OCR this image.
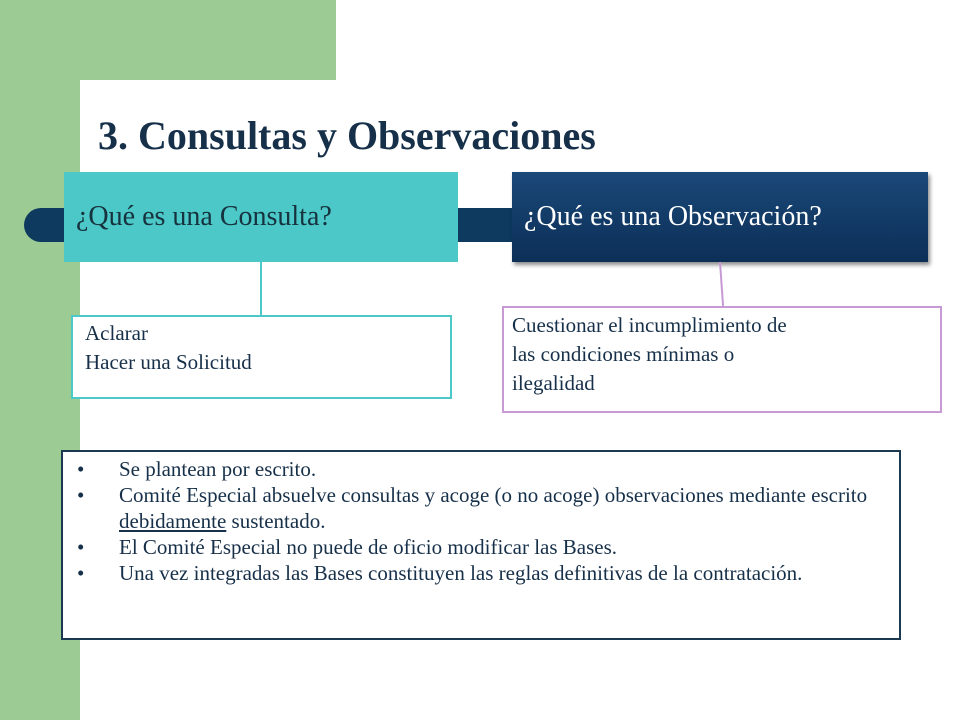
3. Consultas y Observaciones
¿Qué es una Consulta?	¿Qué es una Observación?
Aclarar
Hacer una Solicitud
Cuestionar el incumplimiento de
las condiciones mínimas o
ilegalidad
• Se plantean por escrito.
• Comité Especial absuelve consultas y acoge (o no acoge) observaciones mediante escrito debidamente sustentado.
• El Comité Especial no puede de oficio modificar las Bases.
• Una vez integradas las Bases constituyen las reglas definitivas de la contratación.
